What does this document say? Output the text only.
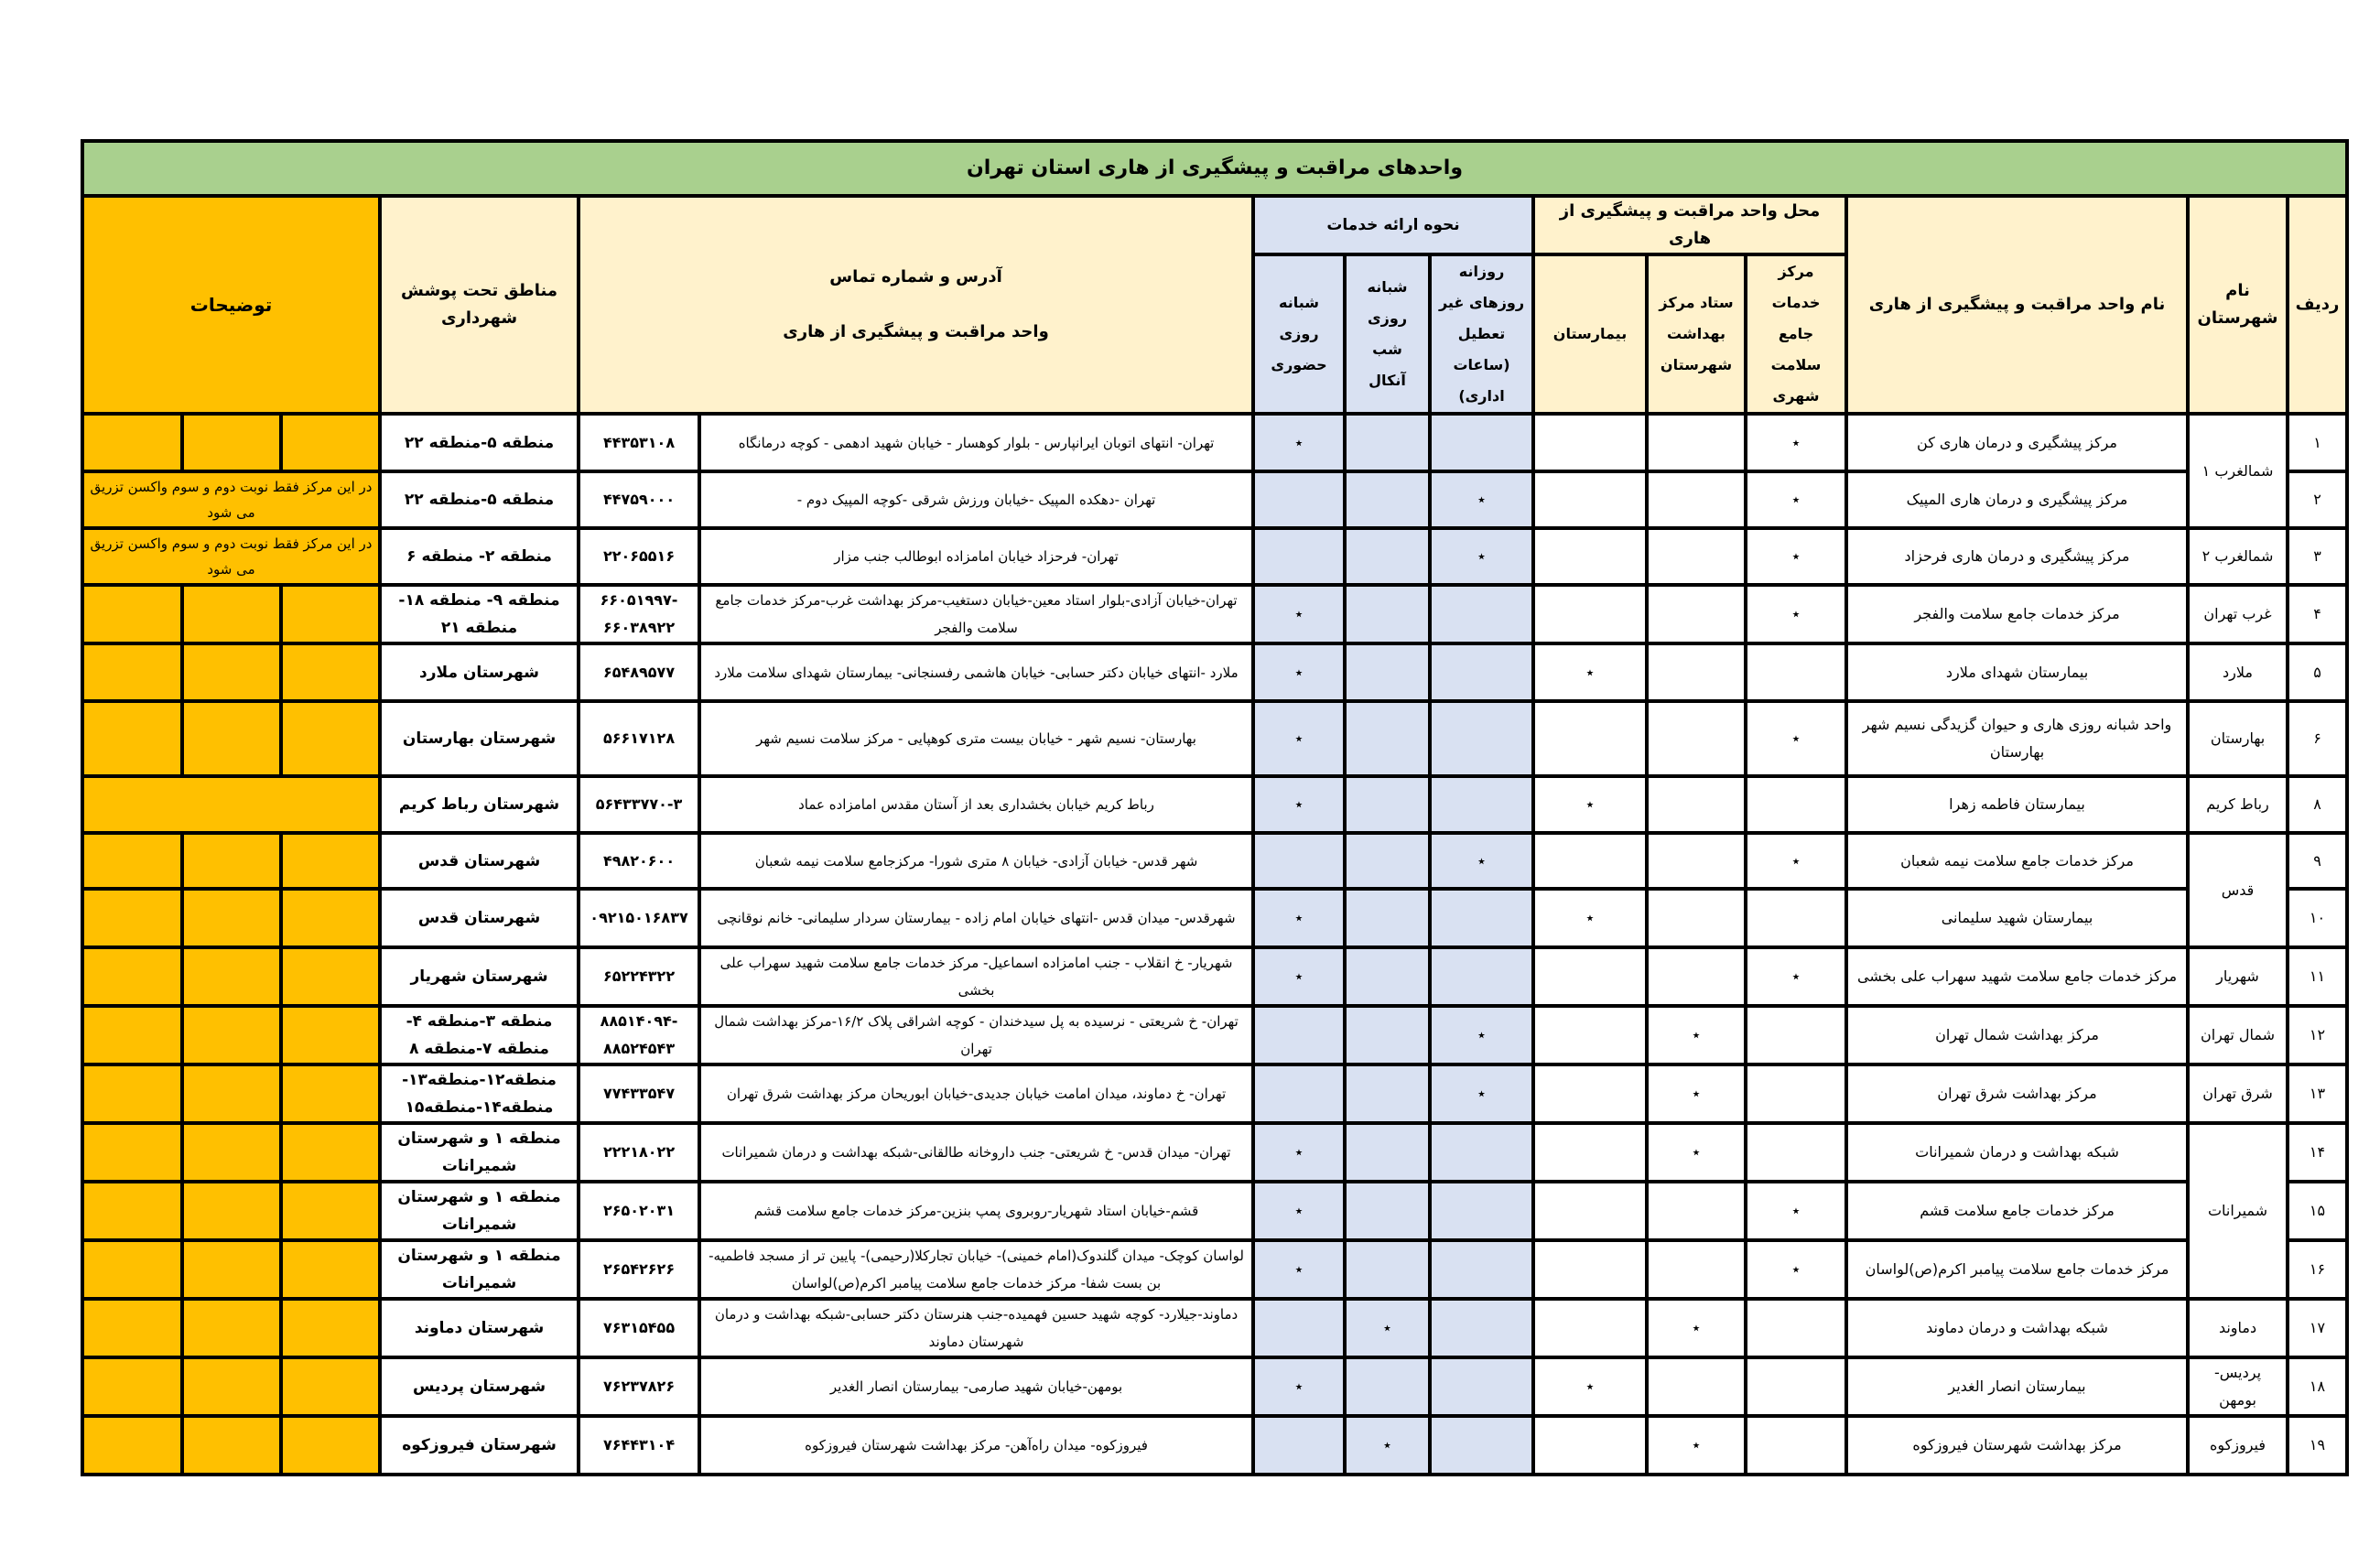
واحدهای مراقبت و پیشگیری از هاری استان تهران														
ردیف	نام شهرستان	نام واحد مراقبت و پیشگیری از هاری	محل واحد مراقبت و پیشگیری از هاری			نحوه ارائه خدمات			آدرس و شماره تماس
واحد مراقبت و پیشگیری از هاری		مناطق تحت پوشش شهرداری	توضیحات		
			مرکز خدمات جامع سلامت شهری	ستاد مرکز بهداشت شهرستان	بیمارستان	روزانه روزهای غیر تعطیل (ساعات اداری)	شبانه روزی شب آنکال	شبانه روزی حضوری						
۱	شمالغرب ۱	مرکز پیشگیری و درمان هاری کن	٭					٭	تهران- انتهای اتوبان ایرانپارس - بلوار کوهسار - خیابان شهید ادهمی - کوچه درمانگاه	۴۴۳۵۳۱۰۸	منطقه ۵-منطقه ۲۲			
۲		مرکز پیشگیری و درمان هاری المپیک	٭			٭			تهران -دهکده المپیک -خیابان ورزش شرقی -کوچه المپیک دوم -	۴۴۷۵۹۰۰۰	منطقه ۵-منطقه ۲۲	در این مرکز فقط نوبت دوم و سوم واکسن تزریق می شود		
۳	شمالغرب ۲	مرکز پیشگیری و درمان هاری فرحزاد	٭			٭			تهران- فرحزاد خیابان امامزاده ابوطالب جنب مزار	۲۲۰۶۵۵۱۶	منطقه ۲- منطقه ۶	در این مرکز فقط نوبت دوم و سوم واکسن تزریق می شود		
۴	غرب تهران	مرکز خدمات جامع سلامت والفجر	٭					٭	تهران-خیابان آزادی-بلوار استاد معین-خیابان دستغیب-مرکز بهداشت غرب-مرکز خدمات جامع سلامت والفجر	-۶۶۰۵۱۹۹۷ ۶۶۰۳۸۹۲۲	منطقه ۹- منطقه ۱۸-منطقه ۲۱			
۵	ملارد	بیمارستان شهدای ملارد			٭			٭	ملارد -انتهای خیابان دکتر حسابی- خیابان هاشمی رفسنجانی- بیمارستان شهدای سلامت ملارد	۶۵۴۸۹۵۷۷	شهرستان ملارد			
۶	بهارستان	واحد شبانه روزی هاری و حیوان گزیدگی نسیم شهر بهارستان	٭					٭	بهارستان- نسیم شهر - خیابان بیست متری کوهپایی - مرکز سلامت نسیم شهر	۵۶۶۱۷۱۲۸	شهرستان بهارستان			
۸	رباط کریم	بیمارستان فاطمه زهرا			٭			٭	رباط کریم خیابان بخشداری بعد از آستان مقدس امامزاده عماد	۵۶۴۳۳۷۷۰-۳	شهرستان رباط کریم			
۹	قدس	مرکز خدمات جامع سلامت نیمه شعبان	٭			٭			شهر قدس- خیابان آزادی- خیابان ۸ متری شورا- مرکزجامع سلامت نیمه شعبان	۴۹۸۲۰۶۰۰	شهرستان قدس			
۱۰		بیمارستان شهید سلیمانی			٭			٭	شهرقدس- میدان قدس -انتهای خیابان امام زاده - بیمارستان سردار سلیمانی- خانم نوقانچی	۰۹۲۱۵۰۱۶۸۳۷	شهرستان قدس			
۱۱	شهریار	مرکز خدمات جامع سلامت شهید سهراب علی بخشی	٭					٭	شهریار- خ انقلاب - جنب امامزاده اسماعیل- مرکز خدمات جامع سلامت شهید سهراب علی بخشی	۶۵۲۲۴۳۲۲	شهرستان شهریار			
۱۲	شمال تهران	مرکز بهداشت شمال تهران		٭		٭			تهران- خ شریعتی - نرسیده به پل سیدخندان - کوچه اشراقی پلاک ۱۶/۲-مرکز بهداشت شمال تهران	-۸۸۵۱۴۰۹۴ ۸۸۵۲۴۵۴۳	منطقه ۳-منطقه ۴-منطقه ۷-منطقه ۸			
۱۳	شرق تهران	مرکز بهداشت شرق تهران		٭		٭			تهران- خ دماوند، میدان امامت خیابان جدیدی-خیابان ابوریحان مرکز بهداشت شرق تهران	۷۷۴۳۳۵۴۷	منطقه۱۲-منطقه۱۳-منطقه۱۴-منطقه۱۵			
۱۴	شمیرانات	شبکه بهداشت و درمان شمیرانات		٭				٭	تهران- میدان قدس- خ شریعتی- جنب داروخانه طالقانی-شبکه بهداشت و درمان شمیرانات	۲۲۲۱۸۰۲۲	منطقه ۱ و شهرستان شمیرانات			
۱۵		مرکز خدمات جامع سلامت قشم	٭					٭	قشم-خیابان استاد شهریار-روبروی پمپ بنزین-مرکز خدمات جامع سلامت قشم	۲۶۵۰۲۰۳۱	منطقه ۱ و شهرستان شمیرانات			
۱۶		مرکز خدمات جامع سلامت پیامبر اکرم(ص)لواسان	٭					٭	لواسان کوچک- میدان گلندوک(امام خمینی)- خیابان تجارکلا(رحیمی)- پایین تر از مسجد فاطمیه-بن بست شفا- مرکز خدمات جامع سلامت پیامبر اکرم(ص)لواسان	۲۶۵۴۲۶۲۶	منطقه ۱ و شهرستان شمیرانات			
۱۷	دماوند	شبکه بهداشت و درمان دماوند		٭			٭		دماوند-جیلارد- کوچه شهید حسین فهمیده-جنب هنرستان دکتر حسابی-شبکه بهداشت و درمان شهرستان دماوند	۷۶۳۱۵۴۵۵	شهرستان دماوند			
۱۸	پردیس- بومهن	بیمارستان انصار الغدیر			٭			٭	بومهن-خیابان شهید صارمی- بیمارستان انصار الغدیر	۷۶۲۳۷۸۲۶	شهرستان پردیس			
۱۹	فیروزکوه	مرکز بهداشت شهرستان فیروزکوه		٭			٭		فیروزکوه- میدان راه‌آهن- مرکز بهداشت شهرستان فیروزکوه	۷۶۴۴۳۱۰۴	شهرستان فیروزکوه			
